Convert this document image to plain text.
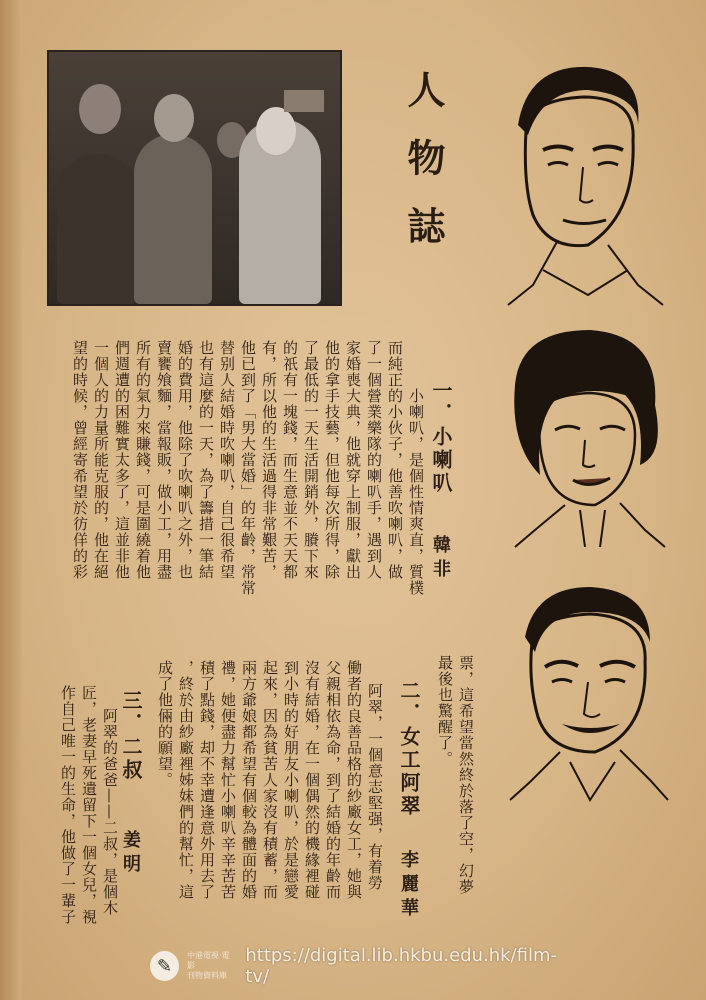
人物誌
一．小喇叭
韓非
小喇叭，是個性情爽直，質樸
而純正的小伙子，他善吹喇叭，做
了一個營業樂隊的喇叭手，遇到人
家婚喪大典，他就穿上制服，獻出
他的拿手技藝，但他每次所得，除
了最低的一天生活開銷外，賸下來
的祇有一塊錢，而生意並不天天都
有，所以他的生活過得非常艱苦，
他已到了「男大當婚」的年齡，常常
替别人結婚時吹喇叭，自己很希望
也有這麼的一天，為了籌措一筆結
婚的費用，他除了吹喇叭之外，也
賣饔飧麵，當報販，做小工，用盡
所有的氣力來賺錢，可是圍繞着他
們週遭的困難實太多了，這並非他
一個人的力量所能克服的，他在絕
望的時候，曾經寄希望於彷佯的彩
票，這希望當然終於落了空，幻夢
最後也驚醒了。
二．女工阿翠
李麗華
阿翠，一個意志堅强，有着勞
働者的良善品格的紗廠女工，她與
父親相依為命，到了結婚的年齡而
沒有結婚，在一個偶然的機緣裡碰
到小時的好朋友小喇叭，於是戀愛
起來，因為貧苦人家沒有積蓄，而
兩方爺娘都希望有個較為體面的婚
禮，她便盡力幫忙小喇叭辛辛苦苦
積了點錢，却不幸遭逢意外用去了
，終於由紗廠裡姊妹們的幫忙，這
成了他倆的願望。
三．二叔
姜明
阿翠的爸爸——二叔，是個木
匠，老妻早死遺留下一個女兒，視
作自己唯一的生命，他做了一輩子
✎	中港電視·電影
刊物資料庫
https://digital.lib.hkbu.edu.hk/film-tv/
